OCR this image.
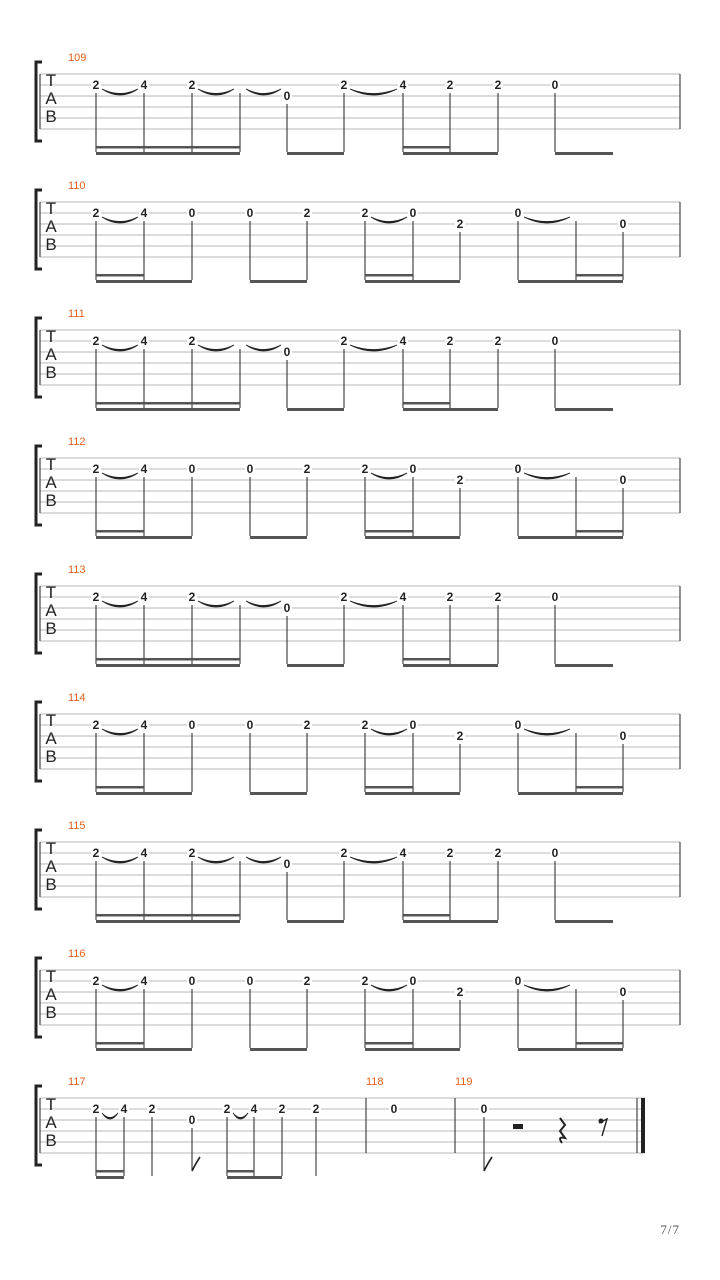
T
A
B
109
2	4	2
0
2	4	2	2	0
T
A
B
110
2	4	0	0	2	2	0
2
0
0
T
A
B
111
2	4	2
0
2	4	2	2	0
T
A
B
112
2	4	0	0	2	2	0
2
0
0
T
A
B
113
2	4	2
0
2	4	2	2	0
T
A
B
114
2	4	0	0	2	2	0
2
0
0
T
A
B
115
2	4	2
0
2	4	2	2	0
T
A
B
116
2	4	0	0	2	2	0
2
0
0
T
A
B
117
2 4 2
0
2 4 2 2
118
0
119
0
7/7
